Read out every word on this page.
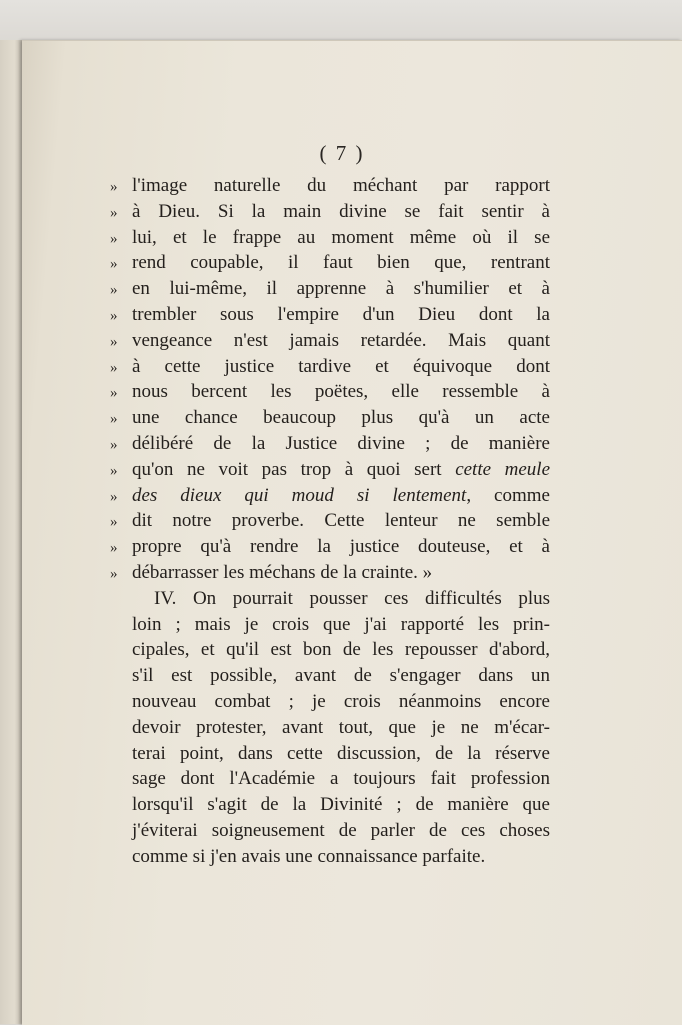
( 7 )
» l'image naturelle du méchant par rapport
» à Dieu. Si la main divine se fait sentir à
» lui, et le frappe au moment même où il se
» rend coupable, il faut bien que, rentrant
» en lui-même, il apprenne à s'humilier et à
» trembler sous l'empire d'un Dieu dont la
» vengeance n'est jamais retardée. Mais quant
» à cette justice tardive et équivoque dont
» nous bercent les poëtes, elle ressemble à
» une chance beaucoup plus qu'à un acte
» délibéré de la Justice divine ; de manière
» qu'on ne voit pas trop à quoi sert cette meule
» des dieux qui moud si lentement, comme
» dit notre proverbe. Cette lenteur ne semble
» propre qu'à rendre la justice douteuse, et à
» débarrasser les méchans de la crainte. »
IV. On pourrait pousser ces difficultés plus
loin ; mais je crois que j'ai rapporté les prin-
cipales, et qu'il est bon de les repousser d'abord,
s'il est possible, avant de s'engager dans un
nouveau combat ; je crois néanmoins encore
devoir protester, avant tout, que je ne m'écar-
terai point, dans cette discussion, de la réserve
sage dont l'Académie a toujours fait profession
lorsqu'il s'agit de la Divinité ; de manière que
j'éviterai soigneusement de parler de ces choses
comme si j'en avais une connaissance parfaite.
